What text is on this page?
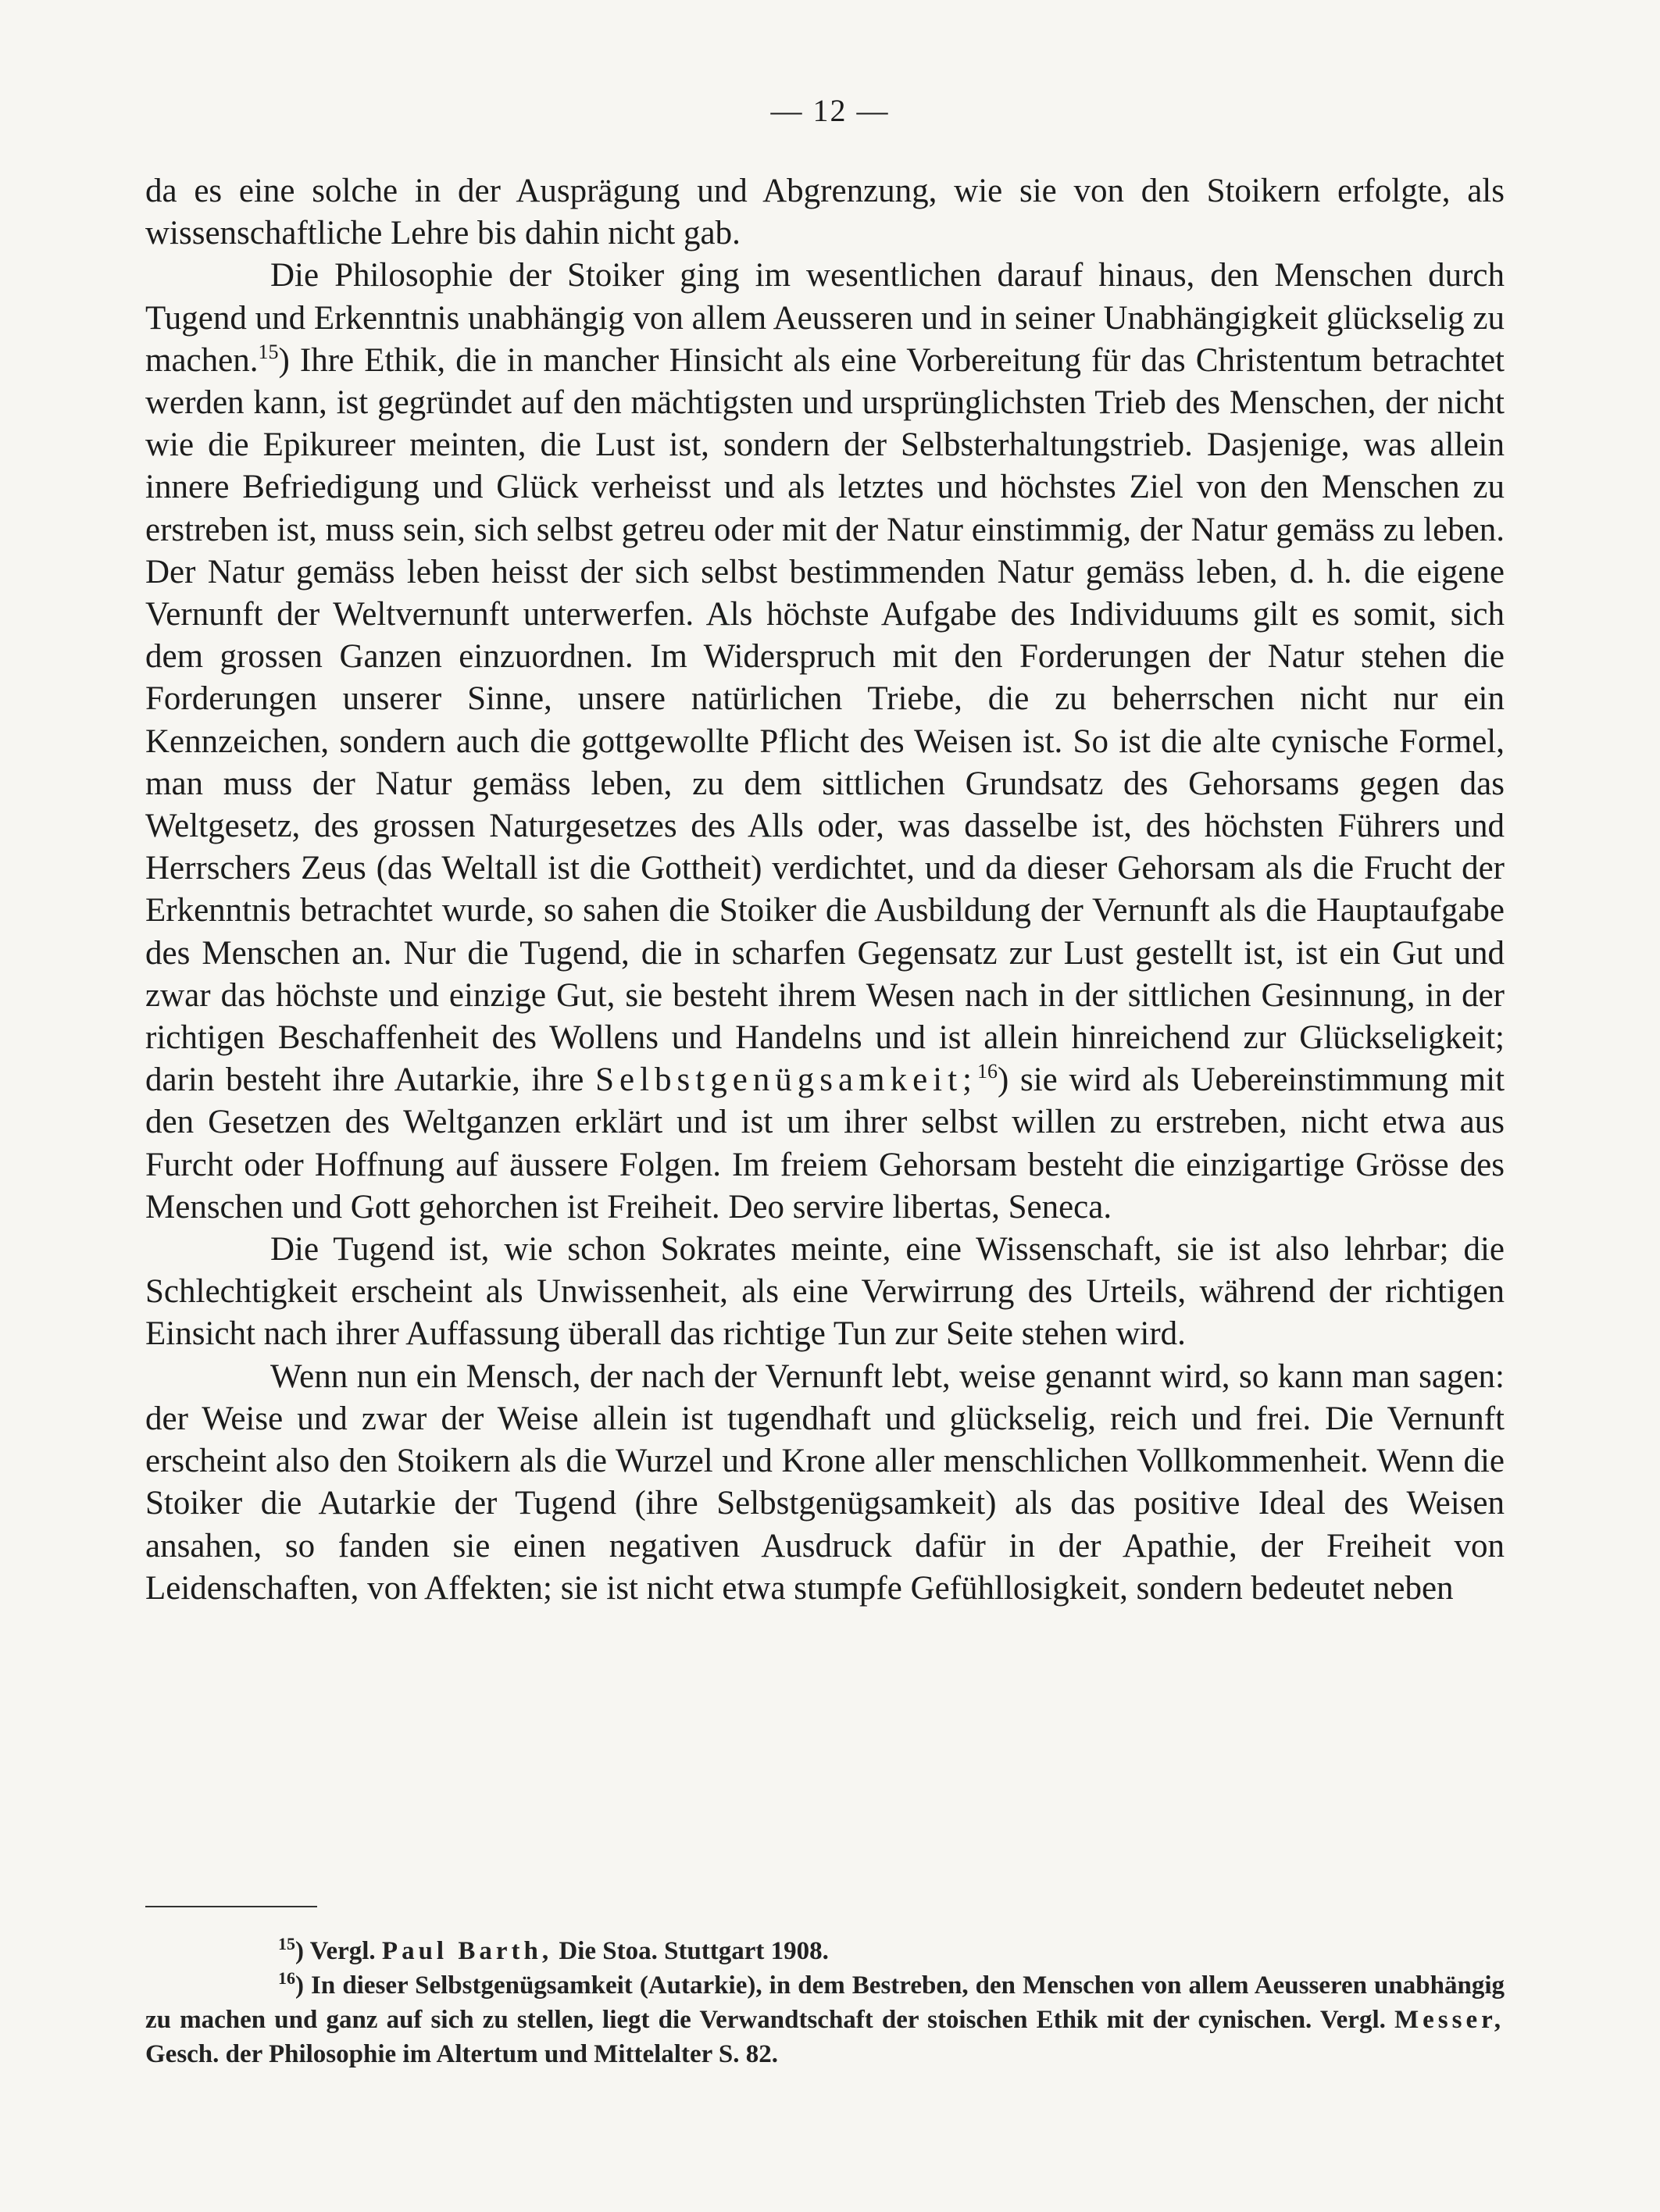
— 12 —

da es eine solche in der Ausprägung und Abgrenzung, wie sie von den Stoikern erfolgte, als wissenschaftliche Lehre bis dahin nicht gab.

Die Philosophie der Stoiker ging im wesentlichen darauf hinaus, den Menschen durch Tugend und Erkenntnis unabhängig von allem Aeusseren und in seiner Unabhängigkeit glückselig zu machen.$^{15}$) Ihre Ethik, die in mancher Hinsicht als eine Vorbereitung für das Christentum betrachtet werden kann, ist gegründet auf den mächtigsten und ursprünglichsten Trieb des Menschen, der nicht wie die Epikureer meinten, die Lust ist, sondern der Selbsterhaltungstrieb. Dasjenige, was allein innere Befriedigung und Glück verheisst und als letztes und höchstes Ziel von den Menschen zu erstreben ist, muss sein, sich selbst getreu oder mit der Natur einstimmig, der Natur gemäss zu leben. Der Natur gemäss leben heisst der sich selbst bestimmenden Natur gemäss leben, d. h. die eigene Vernunft der Weltvernunft unterwerfen. Als höchste Aufgabe des Individuums gilt es somit, sich dem grossen Ganzen einzuordnen. Im Widerspruch mit den Forderungen der Natur stehen die Forderungen unserer Sinne, unsere natürlichen Triebe, die zu beherrschen nicht nur ein Kennzeichen, sondern auch die gottgewollte Pflicht des Weisen ist. So ist die alte cynische Formel, man muss der Natur gemäss leben, zu dem sittlichen Grundsatz des Gehorsams gegen das Weltgesetz, des grossen Naturgesetzes des Alls oder, was dasselbe ist, des höchsten Führers und Herrschers Zeus (das Weltall ist die Gottheit) verdichtet, und da dieser Gehorsam als die Frucht der Erkenntnis betrachtet wurde, so sahen die Stoiker die Ausbildung der Vernunft als die Hauptaufgabe des Menschen an. Nur die Tugend, die in scharfen Gegensatz zur Lust gestellt ist, ist ein Gut und zwar das höchste und einzige Gut, sie besteht ihrem Wesen nach in der sittlichen Gesinnung, in der richtigen Beschaffenheit des Wollens und Handelns und ist allein hinreichend zur Glückseligkeit; darin besteht ihre Autarkie, ihre Selbstgenügsamkeit;$^{16}$) sie wird als Uebereinstimmung mit den Gesetzen des Weltganzen erklärt und ist um ihrer selbst willen zu erstreben, nicht etwa aus Furcht oder Hoffnung auf äussere Folgen. Im freiem Gehorsam besteht die einzigartige Grösse des Menschen und Gott gehorchen ist Freiheit. Deo servire libertas, Seneca.

Die Tugend ist, wie schon Sokrates meinte, eine Wissenschaft, sie ist also lehrbar; die Schlechtigkeit erscheint als Unwissenheit, als eine Verwirrung des Urteils, während der richtigen Einsicht nach ihrer Auffassung überall das richtige Tun zur Seite stehen wird.

Wenn nun ein Mensch, der nach der Vernunft lebt, weise genannt wird, so kann man sagen: der Weise und zwar der Weise allein ist tugendhaft und glückselig, reich und frei. Die Vernunft erscheint also den Stoikern als die Wurzel und Krone aller menschlichen Vollkommenheit. Wenn die Stoiker die Autarkie der Tugend (ihre Selbstgenügsamkeit) als das positive Ideal des Weisen ansahen, so fanden sie einen negativen Ausdruck dafür in der Apathie, der Freiheit von Leidenschaften, von Affekten; sie ist nicht etwa stumpfe Gefühllosigkeit, sondern bedeutet neben

$^{15}$) Vergl. Paul Barth, Die Stoa. Stuttgart 1908.

$^{16}$) In dieser Selbstgenügsamkeit (Autarkie), in dem Bestreben, den Menschen von allem Aeusseren unabhängig zu machen und ganz auf sich zu stellen, liegt die Verwandtschaft der stoischen Ethik mit der cynischen. Vergl. Messer, Gesch. der Philosophie im Altertum und Mittelalter S. 82.
